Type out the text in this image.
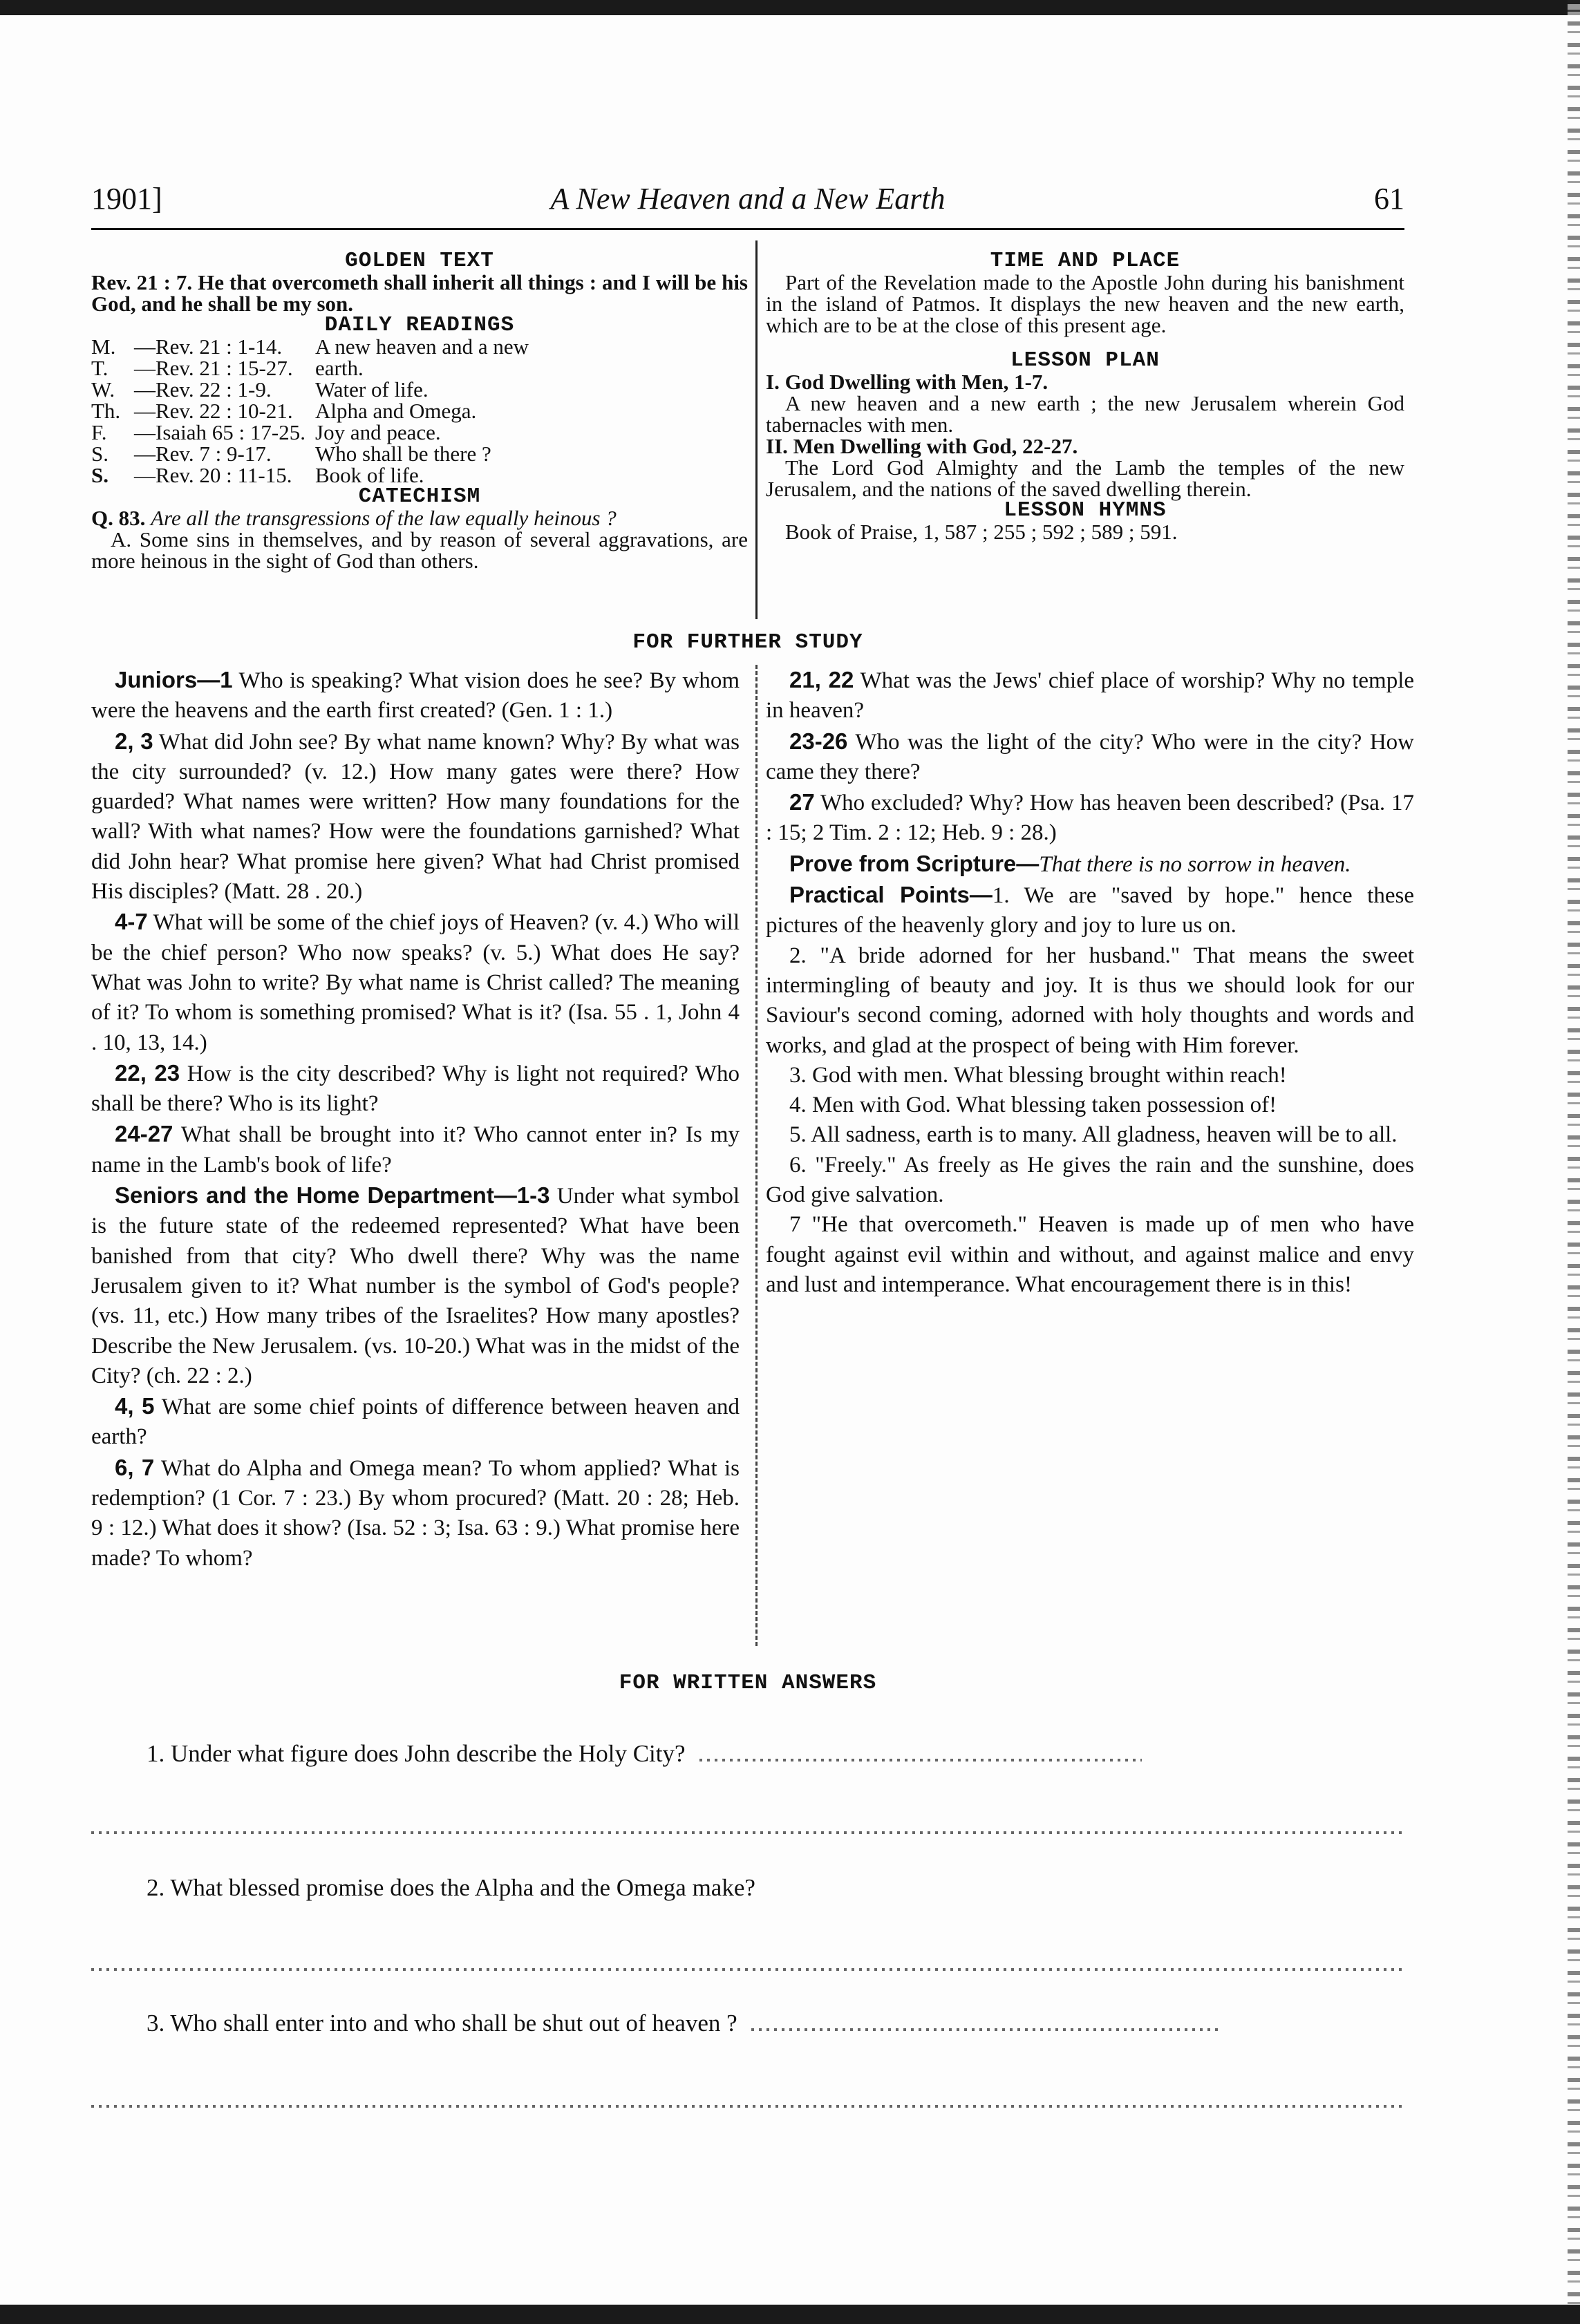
1901]	A New Heaven and a New Earth	61
GOLDEN TEXT
Rev. 21 : 7. He that overcometh shall inherit all things : and I will be his God, and he shall be my son.
DAILY READINGS
M. —Rev. 21 : 1-14.	A new heaven and a new
T.	—Rev. 21 : 15-27.	earth.
W. —Rev. 22 : 1-9.	Water of life.
Th. —Rev. 22 : 10-21.	Alpha and Omega.
F.	—Isaiah 65 : 17-25. Joy and peace.
S.	—Rev. 7 : 9-17.	Who shall be there ?
S.	—Rev. 20 : 11-15.	Book of life.
CATECHISM
Q. 83. Are all the transgressions of the law equally heinous ?
A. Some sins in themselves, and by reason of several aggravations, are more heinous in the sight of God than others.
TIME AND PLACE
Part of the Revelation made to the Apostle John during his banishment in the island of Patmos. It displays the new heaven and the new earth, which are to be at the close of this present age.
LESSON PLAN
I. God Dwelling with Men, 1-7.
A new heaven and a new earth ; the new Jerusalem wherein God tabernacles with men.
II. Men Dwelling with God, 22-27.
The Lord God Almighty and the Lamb the temples of the new Jerusalem, and the nations of the saved dwelling therein.
LESSON HYMNS
Book of Praise, 1, 587 ; 255 ; 592 ; 589 ; 591.
FOR FURTHER STUDY

Juniors—1 Who is speaking? What vision does he see? By whom were the heavens and the earth first created? (Gen. 1 : 1.)

2, 3 What did John see? By what name known? Why? By what was the city surrounded? (v. 12.) How many gates were there? How guarded? What names were written? How many foundations for the wall? With what names? How were the foundations garnished? What did John hear? What promise here given? What had Christ promised His disciples? (Matt. 28 . 20.)

4-7 What will be some of the chief joys of Heaven? (v. 4.) Who will be the chief person? Who now speaks? (v. 5.) What does He say? What was John to write? By what name is Christ called? The meaning of it? To whom is something promised? What is it? (Isa. 55 . 1, John 4 . 10, 13, 14.)

22, 23 How is the city described? Why is light not required? Who shall be there? Who is its light?

24-27 What shall be brought into it? Who cannot enter in? Is my name in the Lamb's book of life?

Seniors and the Home Department—1-3 Under what symbol is the future state of the redeemed represented? What have been banished from that city? Who dwell there? Why was the name Jerusalem given to it? What number is the symbol of God's people? (vs. 11, etc.) How many tribes of the Israelites? How many apostles? Describe the New Jerusalem. (vs. 10-20.) What was in the midst of the City? (ch. 22 : 2.)

4, 5 What are some chief points of difference between heaven and earth?

6, 7 What do Alpha and Omega mean? To whom applied? What is redemption? (1 Cor. 7 : 23.) By whom procured? (Matt. 20 : 28; Heb. 9 : 12.) What does it show? (Isa. 52 : 3; Isa. 63 : 9.) What promise here made? To whom?

21, 22 What was the Jews' chief place of worship? Why no temple in heaven?

23-26 Who was the light of the city? Who were in the city? How came they there?

27 Who excluded? Why? How has heaven been described? (Psa. 17 : 15; 2 Tim. 2 : 12; Heb. 9 : 28.)

Prove from Scripture—That there is no sorrow in heaven.

Practical Points—1. We are "saved by hope." hence these pictures of the heavenly glory and joy to lure us on.

2. "A bride adorned for her husband." That means the sweet intermingling of beauty and joy. It is thus we should look for our Saviour's second coming, adorned with holy thoughts and words and works, and glad at the prospect of being with Him forever.

3. God with men. What blessing brought within reach!

4. Men with God. What blessing taken possession of!

5. All sadness, earth is to many. All gladness, heaven will be to all.

6. "Freely." As freely as He gives the rain and the sunshine, does God give salvation.

7 "He that overcometh." Heaven is made up of men who have fought against evil within and without, and against malice and envy and lust and intemperance. What encouragement there is in this!

FOR WRITTEN ANSWERS
1. Under what figure does John describe the Holy City?
2. What blessed promise does the Alpha and the Omega make?
3. Who shall enter into and who shall be shut out of heaven ?
